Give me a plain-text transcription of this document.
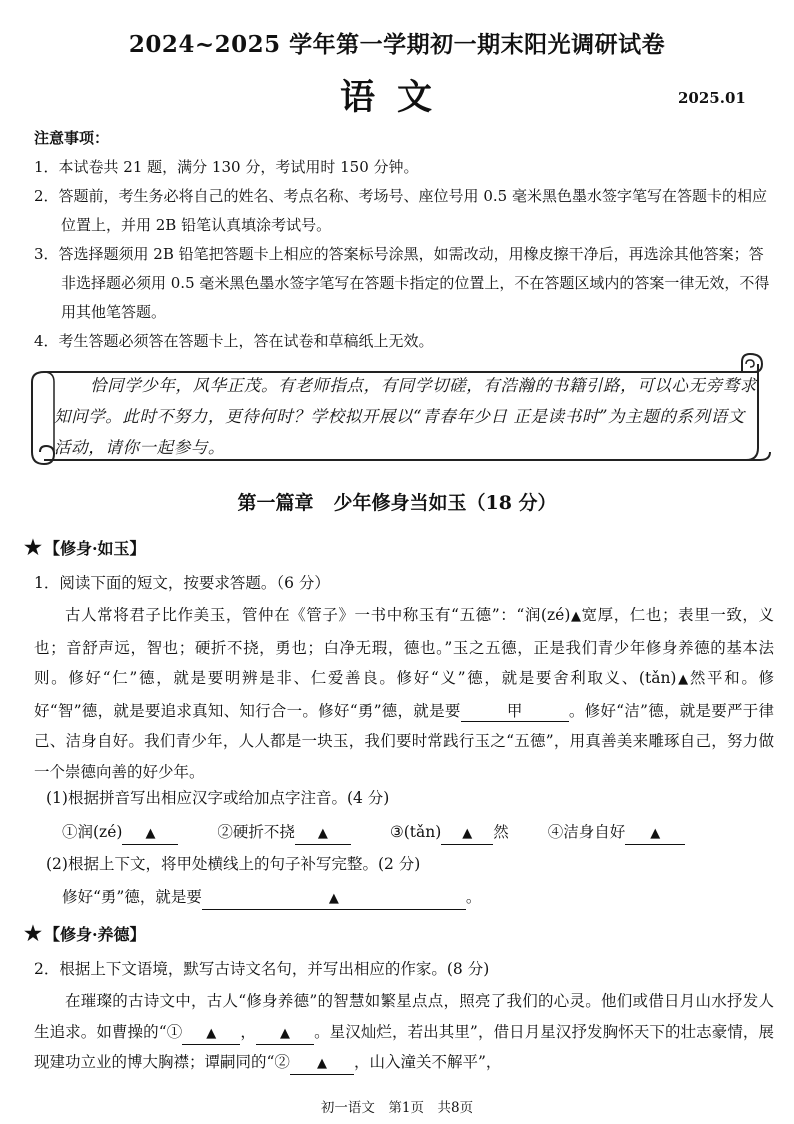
2024~2025 学年第一学期初一期末阳光调研试卷
语文	2025.01
注意事项：
1．本试卷共 21 题，满分 130 分，考试用时 150 分钟。
2．答题前，考生务必将自己的姓名、考点名称、考场号、座位号用 0.5 毫米黑色墨水签字笔写在答题卡的相应位置上，并用 2B 铅笔认真填涂考试号。
3．答选择题须用 2B 铅笔把答题卡上相应的答案标号涂黑，如需改动，用橡皮擦干净后，再选涂其他答案；答非选择题必须用 0.5 毫米黑色墨水签字笔写在答题卡指定的位置上，不在答题区域内的答案一律无效，不得用其他笔答题。
4．考生答题必须答在答题卡上，答在试卷和草稿纸上无效。
恰同学少年，风华正茂。有老师指点，有同学切磋，有浩瀚的书籍引路，可以心无旁骛求知问学。此时不努力，更待何时？学校拟开展以“青春年少日 正是读书时”为主题的系列语文活动，请你一起参与。
第一篇章 少年修身当如玉（18 分）
★ 【修身·如玉】
1．阅读下面的短文，按要求答题。（6 分）
古人常将君子比作美玉，管仲在《管子》一书中称玉有“五德”：“润(zé)▲宽厚，仁也；表里一致，义也；音舒声远，智也；硬折不挠，勇也；白净无瑕，德也。”玉之五德，正是我们青少年修身养德的基本法则。修好“仁”德，就是要明辨是非、仁爱善良。修好“义”德，就是要舍利取义、(tǎn)▲然平和。修好“智”德，就是要追求真知、知行合一。修好“勇”德，就是要	甲	。修好“洁”德，就是要严于律己、洁身自好。我们青少年，人人都是一块玉，我们要时常践行玉之“五德”，用真善美来雕琢自己，努力做一个崇德向善的好少年。
(1)根据拼音写出相应汉字或给加点字注音。(4 分)
①润(zé) ▲	②硬折不挠 ▲	③(tǎn) ▲ 然	④洁身自好 ▲
(2)根据上下文，将甲处横线上的句子补写完整。(2 分)
修好“勇”德，就是要	▲	。
★ 【修身·养德】
2．根据上下文语境，默写古诗文名句，并写出相应的作家。(8 分)
在璀璨的古诗文中，古人“修身养德”的智慧如繁星点点，照亮了我们的心灵。他们或借日月山水抒发人生追求。如曹操的“① ▲ ， ▲ 。星汉灿烂，若出其里”，借日月星汉抒发胸怀天下的壮志豪情，展现建功立业的博大胸襟；谭嗣同的“② ▲ ，山入潼关不解平”，
初一语文　第1页　共8页
